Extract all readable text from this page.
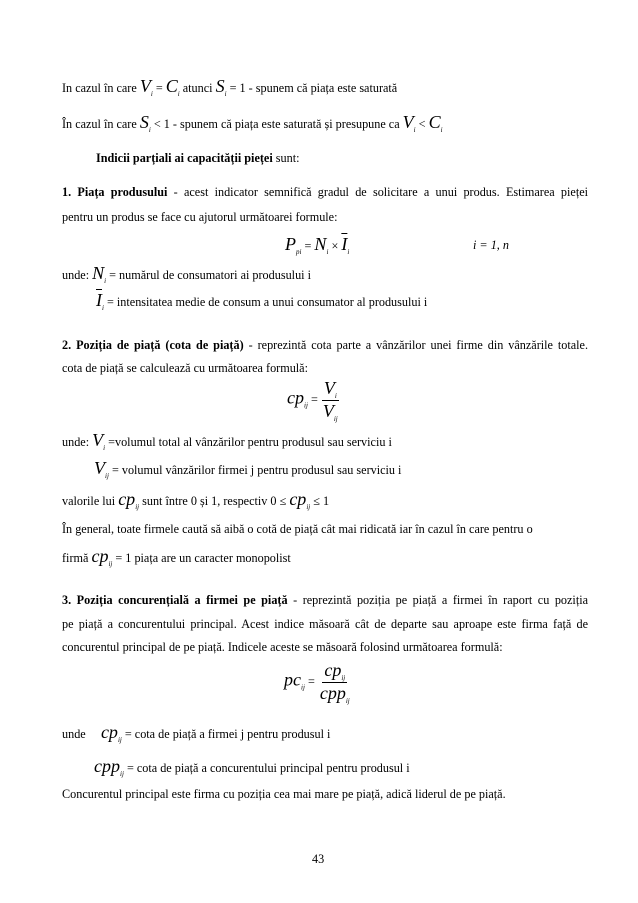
In cazul în care $V_i = C_i$ atunci $S_i = 1$ - spunem că piața este saturată
În cazul în care $S_i < 1$ - spunem că piața este saturată și presupune ca $V_i < C_i$
Indicii parțiali ai capacității pieței sunt:
1. Piața produsului - acest indicator semnifică gradul de solicitare a unui produs. Estimarea pieței
pentru un produs se face cu ajutorul următoarei formule:
$P_{pi} = N_i \times \overline{I}_i$	i = 1, n
unde: $N_i$ = numărul de consumatori ai produsului i
$\overline{I}_i$ = intensitatea medie de consum a unui consumator al produsului i
2. Poziția de piață (cota de piață) - reprezintă cota parte a vânzărilor unei firme din vânzările totale.
cota de piață se calculează cu următoarea formulă:
$cp_{ij} = \frac{V_i}{V_{ij}}$
unde: $V_i$ =volumul total al vânzărilor pentru produsul sau serviciu i
$V_{ij}$ = volumul vânzărilor firmei j pentru produsul sau serviciu i
valorile lui $cp_{ij}$ sunt între 0 și 1, respectiv $0 \le cp_{ij} \le 1$
În general, toate firmele caută să aibă o cotă de piață cât mai ridicată iar în cazul în care pentru o
firmă $cp_{ij} = 1$ piața are un caracter monopolist
3. Poziția concurențială a firmei pe piață - reprezintă poziția pe piață a firmei în raport cu poziția
pe piață a concurentului principal. Acest indice măsoară cât de departe sau aproape este firma față de
concurentul principal de pe piață. Indicele aceste se măsoară folosind următoarea formulă:
$pc_{ij} = \frac{cp_{ij}}{cpp_{ij}}$
unde $cp_{ij} = \cot a$ de piață a firmei j pentru produsul i
cpp$_{ij}$ = cota de piață a concurentului principal pentru produsul i
Concurentul principal este firma cu poziția cea mai mare pe piață, adică liderul de pe piață.
43
